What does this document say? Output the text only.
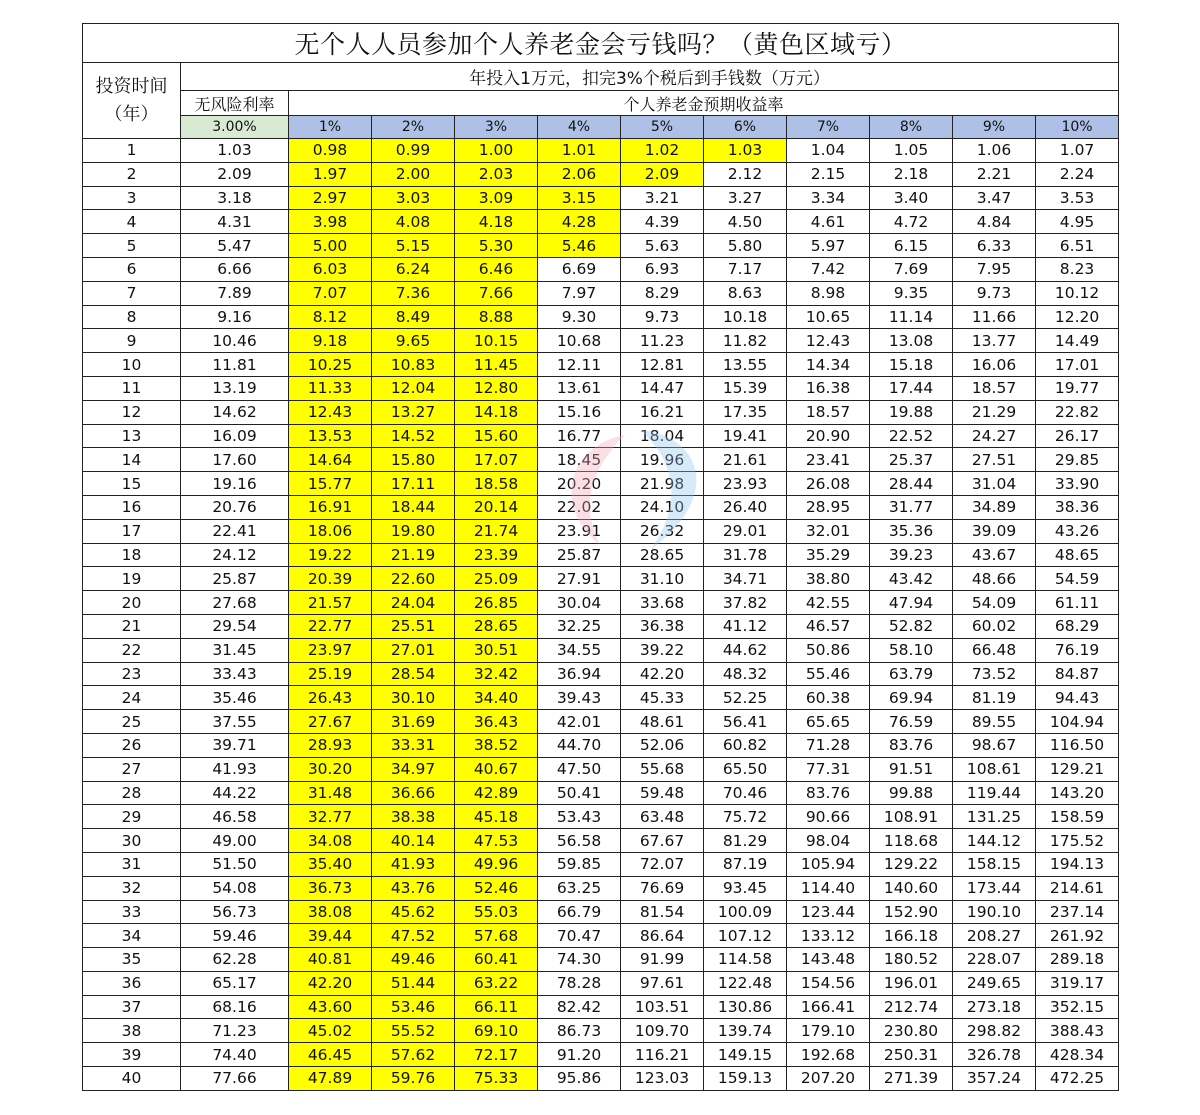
无个人人员参加个人养老金会亏钱吗？（黄色区域亏）											
投资时间
（年）	年投入1万元，扣完3%个税后到手钱数（万元）										
	无风险利率	个人养老金预期收益率									
	3.00%	1%	2%	3%	4%	5%	6%	7%	8%	9%	10%
1	1.03	0.98	0.99	1.00	1.01	1.02	1.03	1.04	1.05	1.06	1.07
2	2.09	1.97	2.00	2.03	2.06	2.09	2.12	2.15	2.18	2.21	2.24
3	3.18	2.97	3.03	3.09	3.15	3.21	3.27	3.34	3.40	3.47	3.53
4	4.31	3.98	4.08	4.18	4.28	4.39	4.50	4.61	4.72	4.84	4.95
5	5.47	5.00	5.15	5.30	5.46	5.63	5.80	5.97	6.15	6.33	6.51
6	6.66	6.03	6.24	6.46	6.69	6.93	7.17	7.42	7.69	7.95	8.23
7	7.89	7.07	7.36	7.66	7.97	8.29	8.63	8.98	9.35	9.73	10.12
8	9.16	8.12	8.49	8.88	9.30	9.73	10.18	10.65	11.14	11.66	12.20
9	10.46	9.18	9.65	10.15	10.68	11.23	11.82	12.43	13.08	13.77	14.49
10	11.81	10.25	10.83	11.45	12.11	12.81	13.55	14.34	15.18	16.06	17.01
11	13.19	11.33	12.04	12.80	13.61	14.47	15.39	16.38	17.44	18.57	19.77
12	14.62	12.43	13.27	14.18	15.16	16.21	17.35	18.57	19.88	21.29	22.82
13	16.09	13.53	14.52	15.60	16.77	18.04	19.41	20.90	22.52	24.27	26.17
14	17.60	14.64	15.80	17.07	18.45	19.96	21.61	23.41	25.37	27.51	29.85
15	19.16	15.77	17.11	18.58	20.20	21.98	23.93	26.08	28.44	31.04	33.90
16	20.76	16.91	18.44	20.14	22.02	24.10	26.40	28.95	31.77	34.89	38.36
17	22.41	18.06	19.80	21.74	23.91	26.32	29.01	32.01	35.36	39.09	43.26
18	24.12	19.22	21.19	23.39	25.87	28.65	31.78	35.29	39.23	43.67	48.65
19	25.87	20.39	22.60	25.09	27.91	31.10	34.71	38.80	43.42	48.66	54.59
20	27.68	21.57	24.04	26.85	30.04	33.68	37.82	42.55	47.94	54.09	61.11
21	29.54	22.77	25.51	28.65	32.25	36.38	41.12	46.57	52.82	60.02	68.29
22	31.45	23.97	27.01	30.51	34.55	39.22	44.62	50.86	58.10	66.48	76.19
23	33.43	25.19	28.54	32.42	36.94	42.20	48.32	55.46	63.79	73.52	84.87
24	35.46	26.43	30.10	34.40	39.43	45.33	52.25	60.38	69.94	81.19	94.43
25	37.55	27.67	31.69	36.43	42.01	48.61	56.41	65.65	76.59	89.55	104.94
26	39.71	28.93	33.31	38.52	44.70	52.06	60.82	71.28	83.76	98.67	116.50
27	41.93	30.20	34.97	40.67	47.50	55.68	65.50	77.31	91.51	108.61	129.21
28	44.22	31.48	36.66	42.89	50.41	59.48	70.46	83.76	99.88	119.44	143.20
29	46.58	32.77	38.38	45.18	53.43	63.48	75.72	90.66	108.91	131.25	158.59
30	49.00	34.08	40.14	47.53	56.58	67.67	81.29	98.04	118.68	144.12	175.52
31	51.50	35.40	41.93	49.96	59.85	72.07	87.19	105.94	129.22	158.15	194.13
32	54.08	36.73	43.76	52.46	63.25	76.69	93.45	114.40	140.60	173.44	214.61
33	56.73	38.08	45.62	55.03	66.79	81.54	100.09	123.44	152.90	190.10	237.14
34	59.46	39.44	47.52	57.68	70.47	86.64	107.12	133.12	166.18	208.27	261.92
35	62.28	40.81	49.46	60.41	74.30	91.99	114.58	143.48	180.52	228.07	289.18
36	65.17	42.20	51.44	63.22	78.28	97.61	122.48	154.56	196.01	249.65	319.17
37	68.16	43.60	53.46	66.11	82.42	103.51	130.86	166.41	212.74	273.18	352.15
38	71.23	45.02	55.52	69.10	86.73	109.70	139.74	179.10	230.80	298.82	388.43
39	74.40	46.45	57.62	72.17	91.20	116.21	149.15	192.68	250.31	326.78	428.34
40	77.66	47.89	59.76	75.33	95.86	123.03	159.13	207.20	271.39	357.24	472.25
